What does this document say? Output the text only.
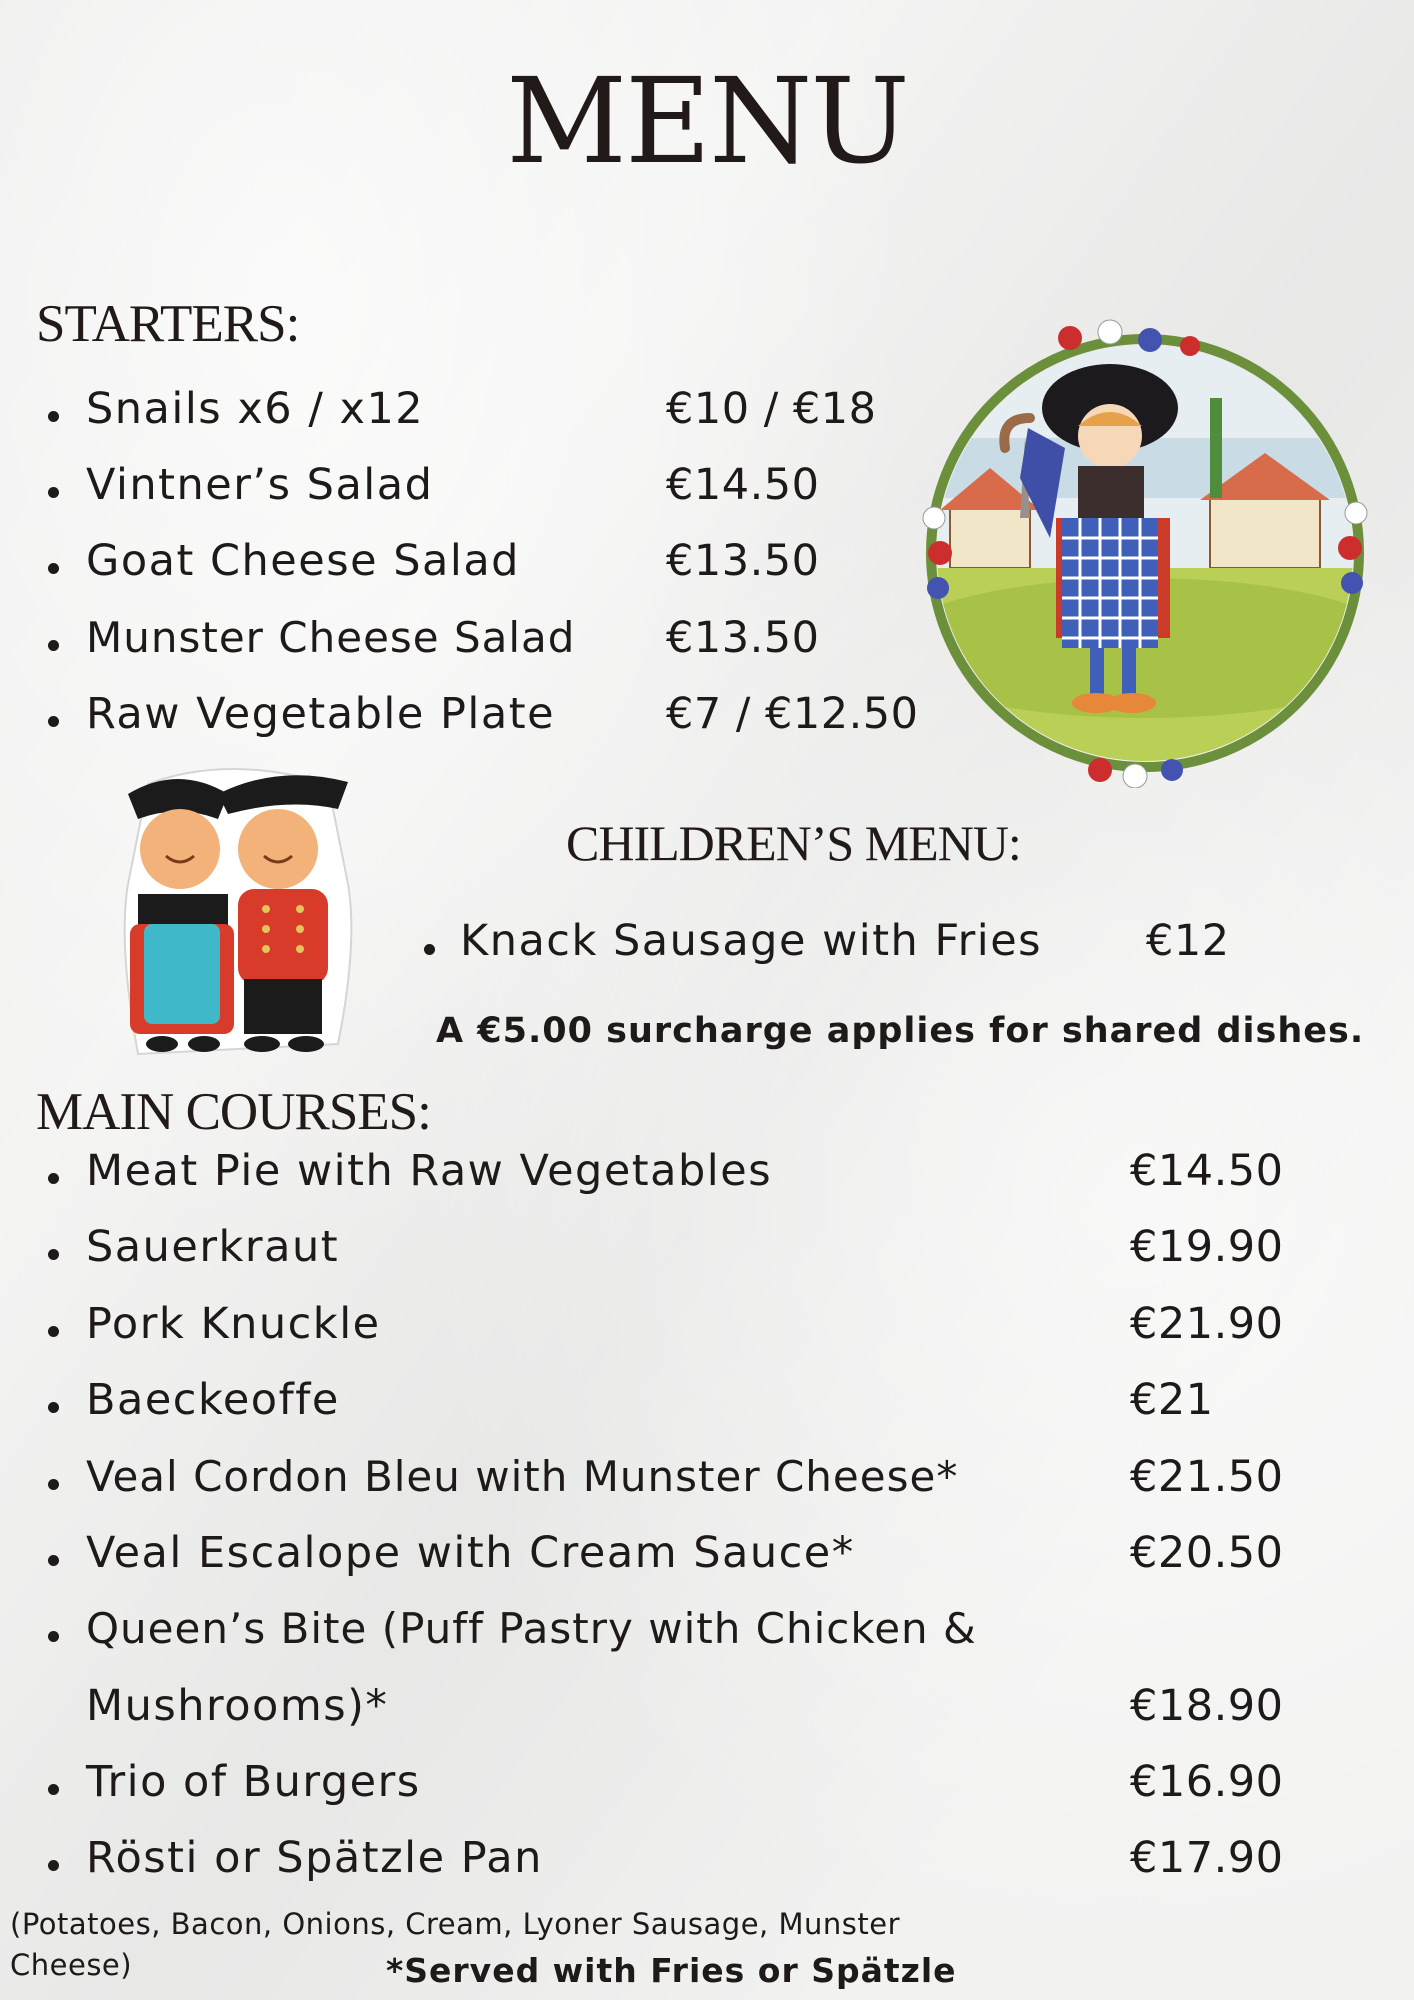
MENU
STARTERS:
Snails x6 / x12	€10 / €18
Vintner’s Salad	€14.50
Goat Cheese Salad	€13.50
Munster Cheese Salad €13.50
Raw Vegetable Plate	€7 / €12.50
CHILDREN’S MENU:
Knack Sausage with Fries €12
A €5.00 surcharge applies for shared dishes.
MAIN COURSES:
Meat Pie with Raw Vegetables	€14.50
Sauerkraut	€19.90
Pork Knuckle	€21.90
Baeckeoffe	€21
Veal Cordon Bleu with Munster Cheese*	€21.50
Veal Escalope with Cream Sauce*	€20.50
Queen’s Bite (Puff Pastry with Chicken &
Mushrooms)*	€18.90
Trio of Burgers	€16.90
Rösti or Spätzle Pan	€17.90
(Potatoes, Bacon, Onions, Cream, Lyoner Sausage, Munster Cheese)	*Served with Fries or Spätzle
